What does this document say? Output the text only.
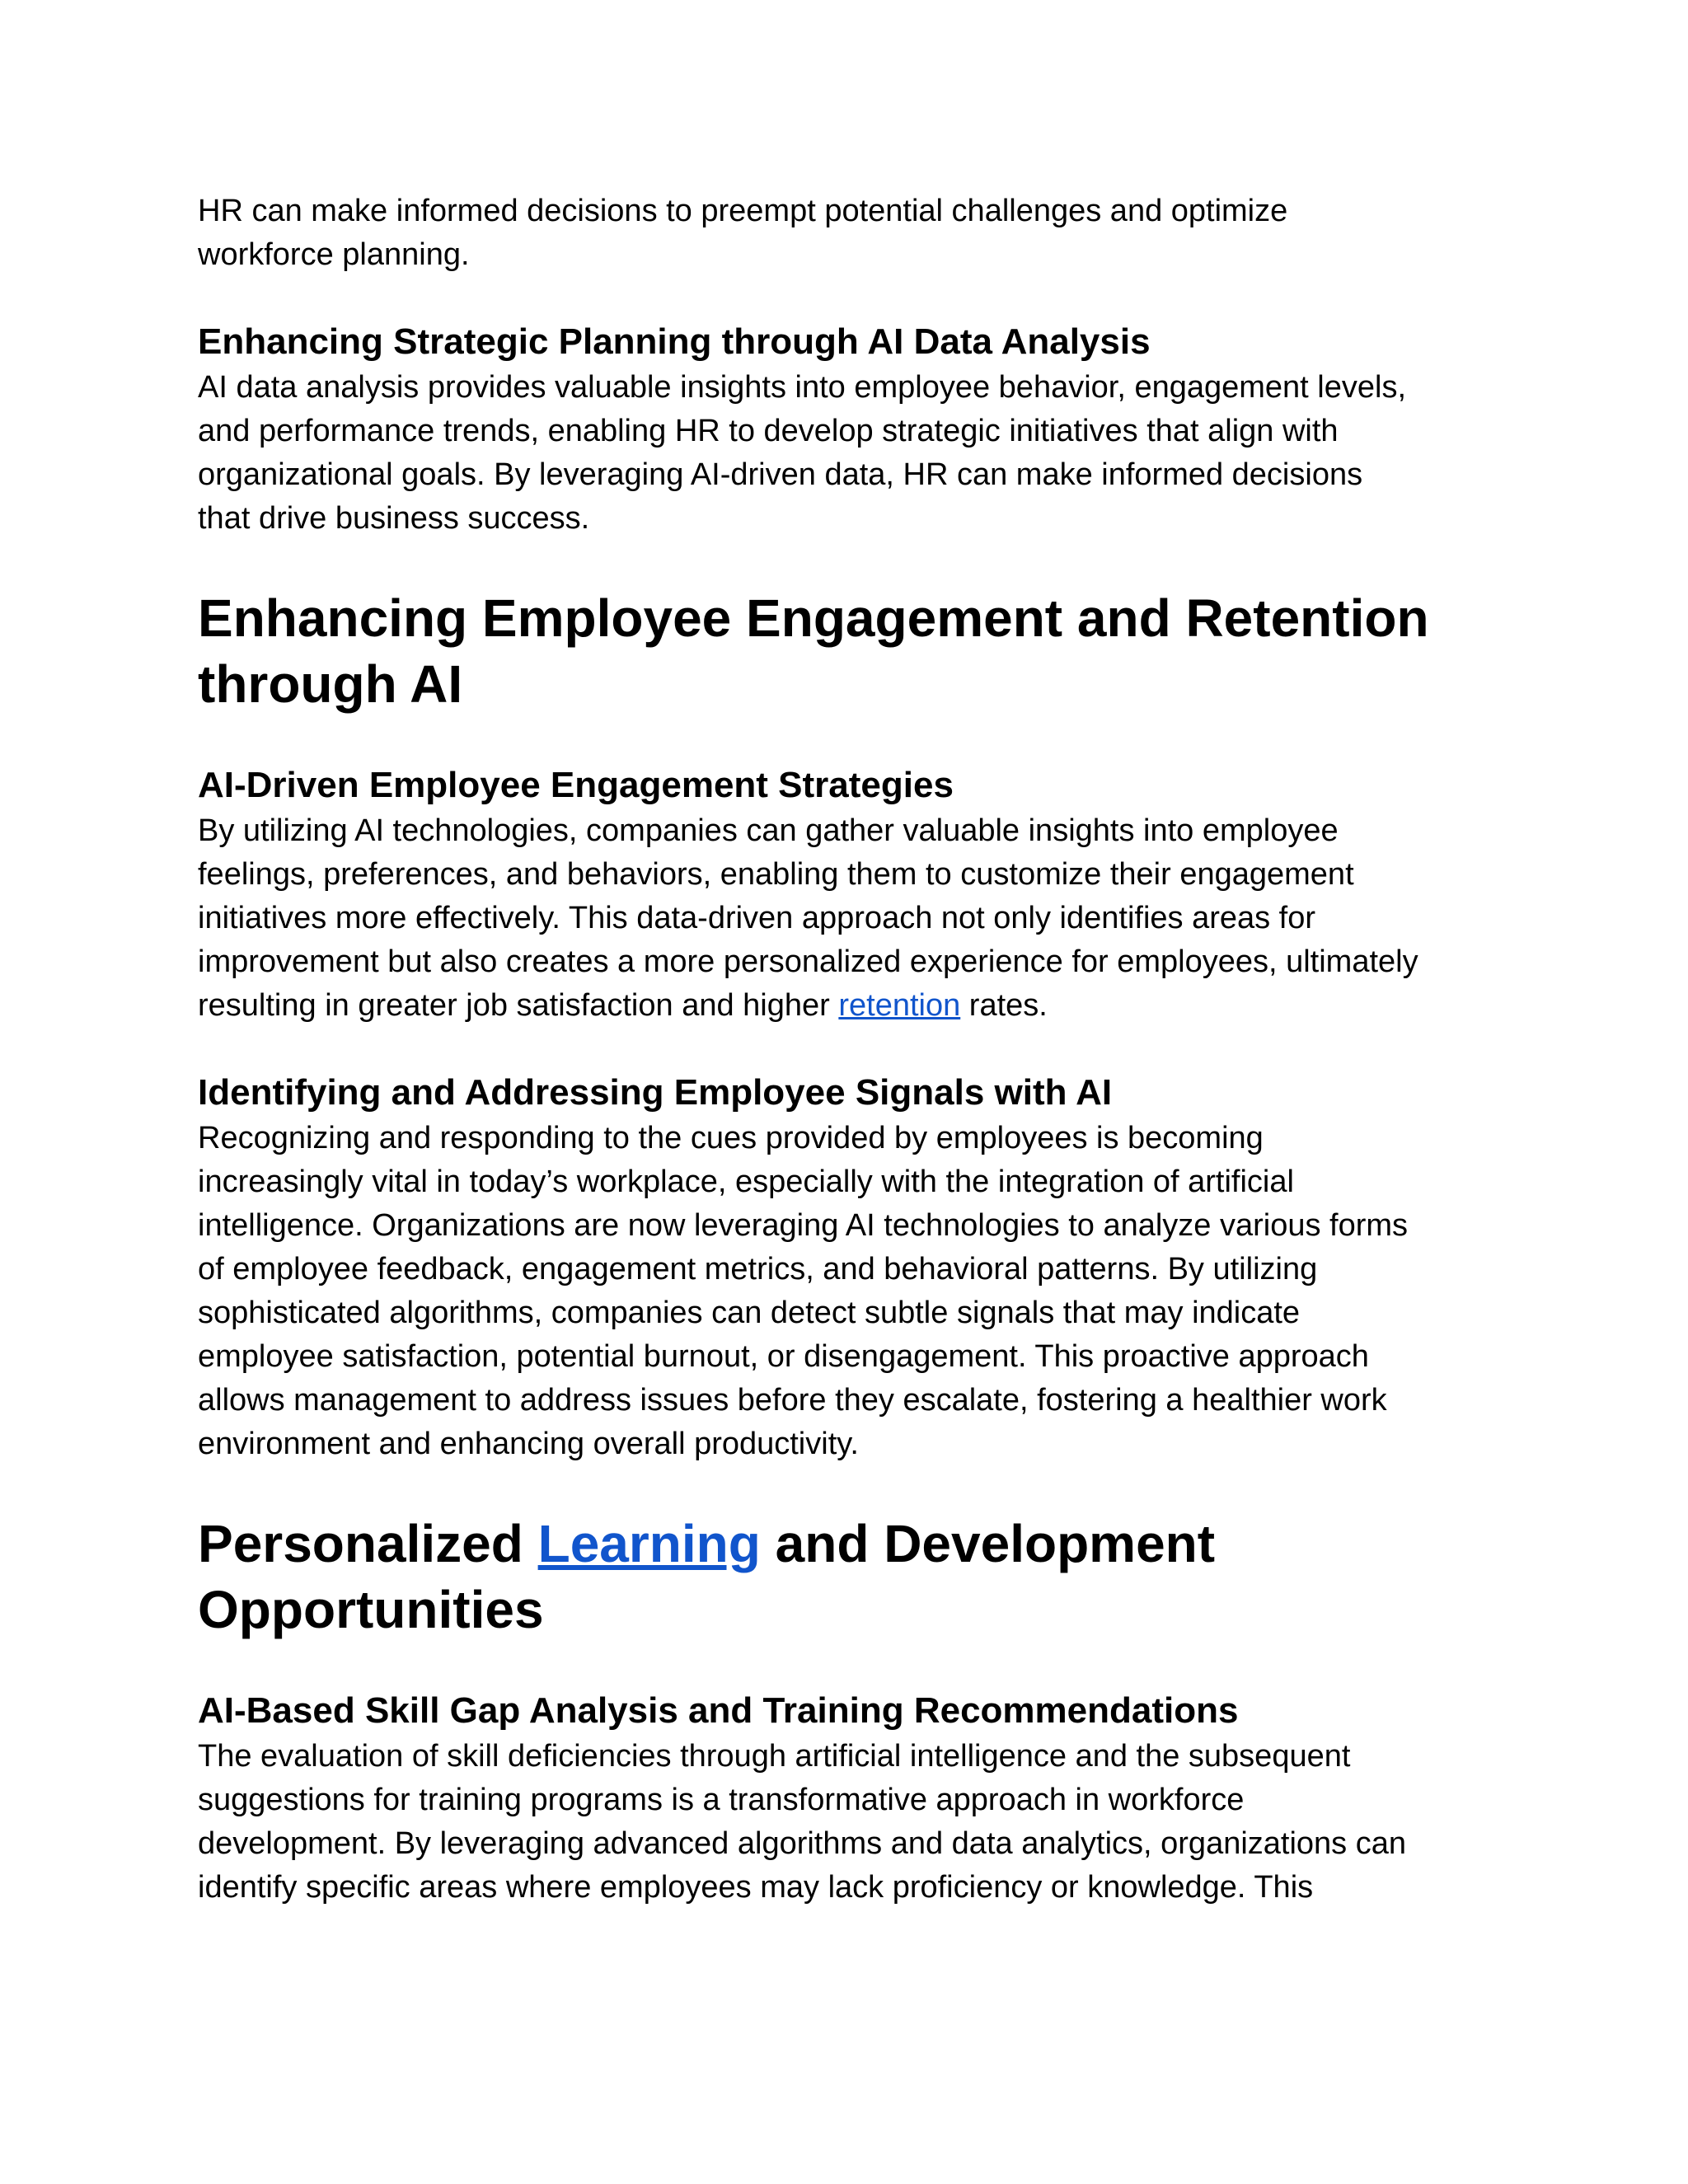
HR can make informed decisions to preempt potential challenges and optimize
workforce planning.

Enhancing Strategic Planning through AI Data Analysis

AI data analysis provides valuable insights into employee behavior, engagement levels,
and performance trends, enabling HR to develop strategic initiatives that align with
organizational goals. By leveraging AI-driven data, HR can make informed decisions
that drive business success.

Enhancing Employee Engagement and Retention
through AI
AI-Driven Employee Engagement Strategies

By utilizing AI technologies, companies can gather valuable insights into employee
feelings, preferences, and behaviors, enabling them to customize their engagement
initiatives more effectively. This data-driven approach not only identifies areas for
improvement but also creates a more personalized experience for employees, ultimately
resulting in greater job satisfaction and higher retention rates.

Identifying and Addressing Employee Signals with AI

Recognizing and responding to the cues provided by employees is becoming
increasingly vital in today’s workplace, especially with the integration of artificial
intelligence. Organizations are now leveraging AI technologies to analyze various forms
of employee feedback, engagement metrics, and behavioral patterns. By utilizing
sophisticated algorithms, companies can detect subtle signals that may indicate
employee satisfaction, potential burnout, or disengagement. This proactive approach
allows management to address issues before they escalate, fostering a healthier work
environment and enhancing overall productivity.

Personalized Learning and Development
Opportunities
AI-Based Skill Gap Analysis and Training Recommendations

The evaluation of skill deficiencies through artificial intelligence and the subsequent
suggestions for training programs is a transformative approach in workforce
development. By leveraging advanced algorithms and data analytics, organizations can
identify specific areas where employees may lack proficiency or knowledge. This
